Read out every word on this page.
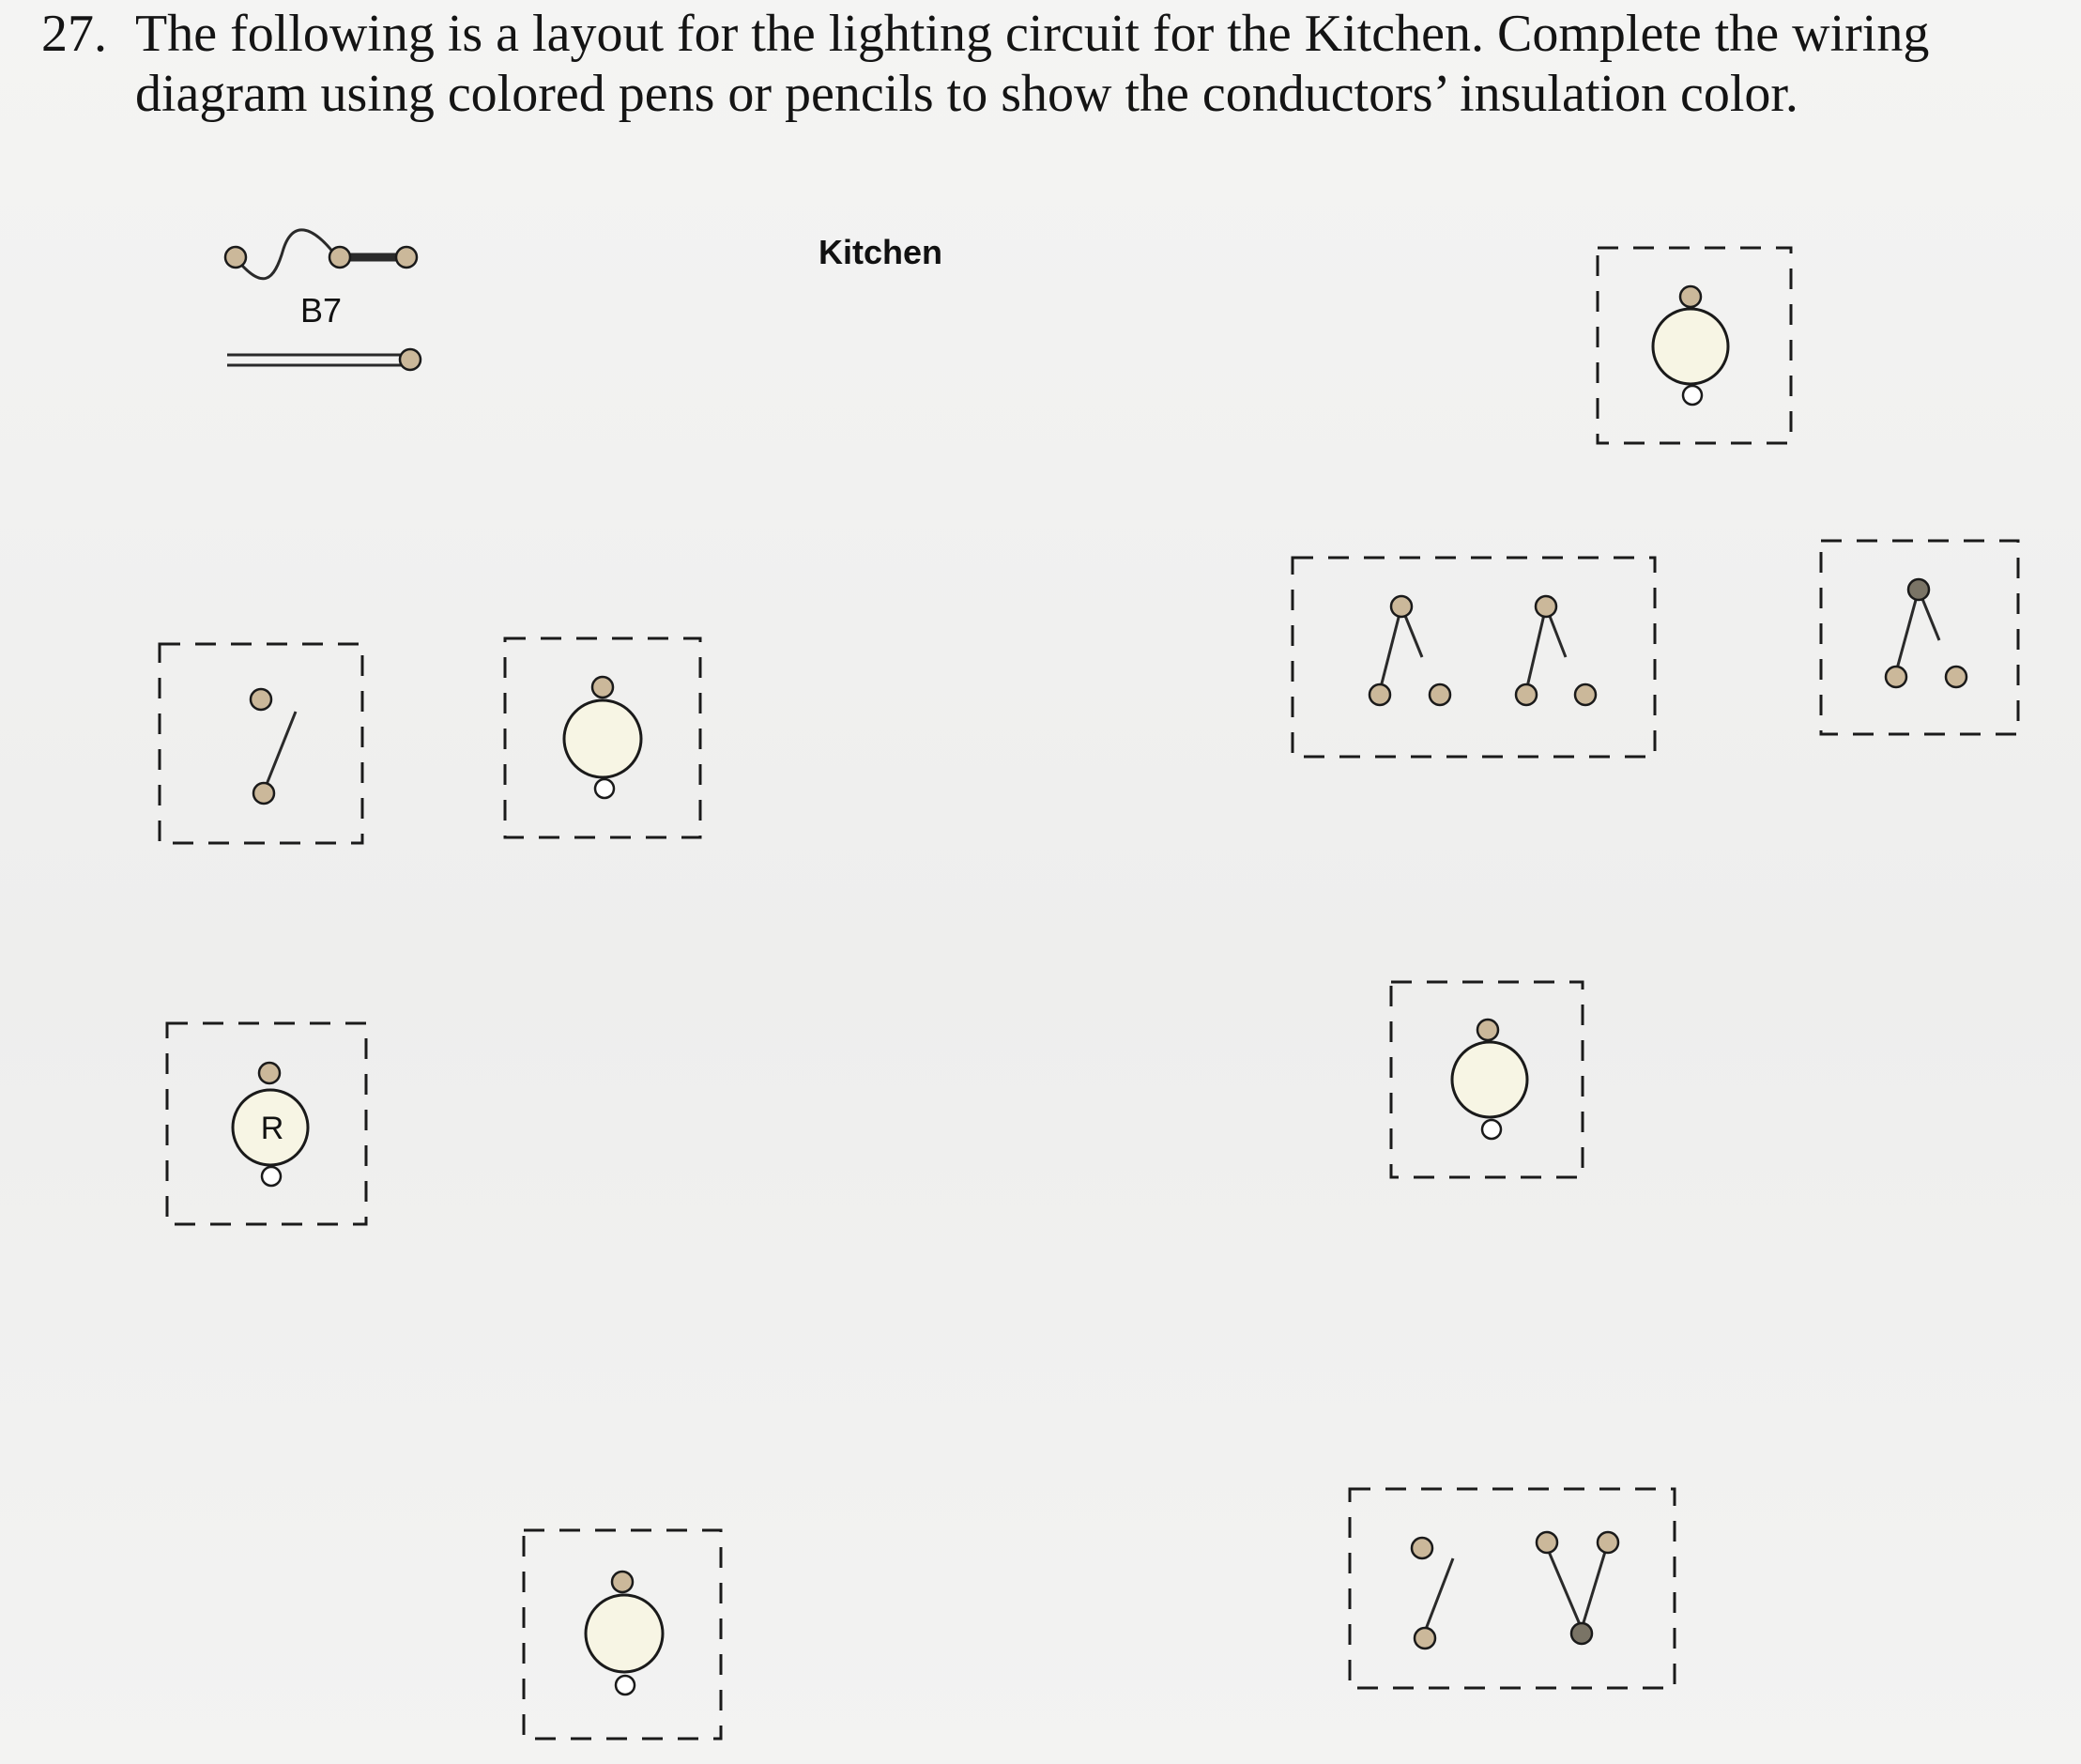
27. The following is a layout for the lighting circuit for the Kitchen. Complete the wiring
diagram using colored pens or pencils to show the conductors’ insulation color.
Kitchen
B7
R
